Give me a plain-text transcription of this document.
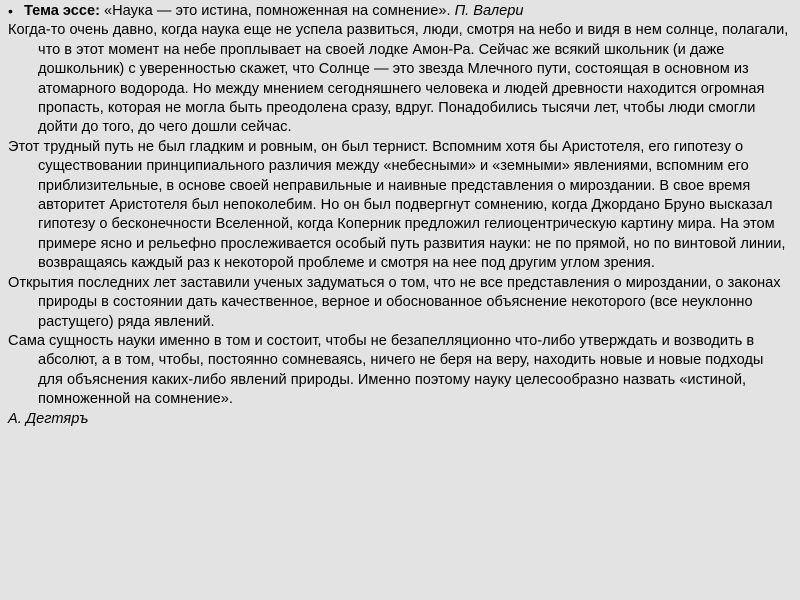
• Тема эссе: «Наука — это истина, помноженная на сомнение». П. Валери

Когда-то очень давно, когда наука еще не успела развиться, люди, смотря на небо и видя в нем солнце, полагали, что в этот момент на небе проплывает на своей лодке Амон-Ра. Сейчас же всякий школьник (и даже дошкольник) с уверенностью скажет, что Солнце — это звезда Млечного пути, состоящая в основном из атомарного водорода. Но между мнением сегодняшнего человека и людей древности находится огромная пропасть, которая не могла быть преодолена сразу, вдруг. Понадобились тысячи лет, чтобы люди смогли дойти до того, до чего дошли сейчас.

Этот трудный путь не был гладким и ровным, он был тернист. Вспомним хотя бы Аристотеля, его гипотезу о существовании принципиального различия между «небесными» и «земными» явлениями, вспомним его приблизительные, в основе своей неправильные и наивные представления о мироздании. В свое время авторитет Аристотеля был непоколебим. Но он был подвергнут сомнению, когда Джордано Бруно высказал гипотезу о бесконечности Вселенной, когда Коперник предложил гелиоцентрическую картину мира. На этом примере ясно и рельефно прослеживается особый путь развития науки: не по прямой, но по винтовой линии, возвращаясь каждый раз к некоторой проблеме и смотря на нее под другим углом зрения.

Открытия последних лет заставили ученых задуматься о том, что не все представления о мироздании, о законах природы в состоянии дать качественное, верное и обоснованное объяснение некоторого (все неуклонно растущего) ряда явлений.

Сама сущность науки именно в том и состоит, чтобы не безапелляционно что-либо утверждать и возводить в абсолют, а в том, чтобы, постоянно сомневаясь, ничего не беря на веру, находить новые и новые подходы для объяснения каких-либо явлений природы. Именно поэтому науку целесообразно назвать «истиной, помноженной на сомнение».

А. Дегтяръ
